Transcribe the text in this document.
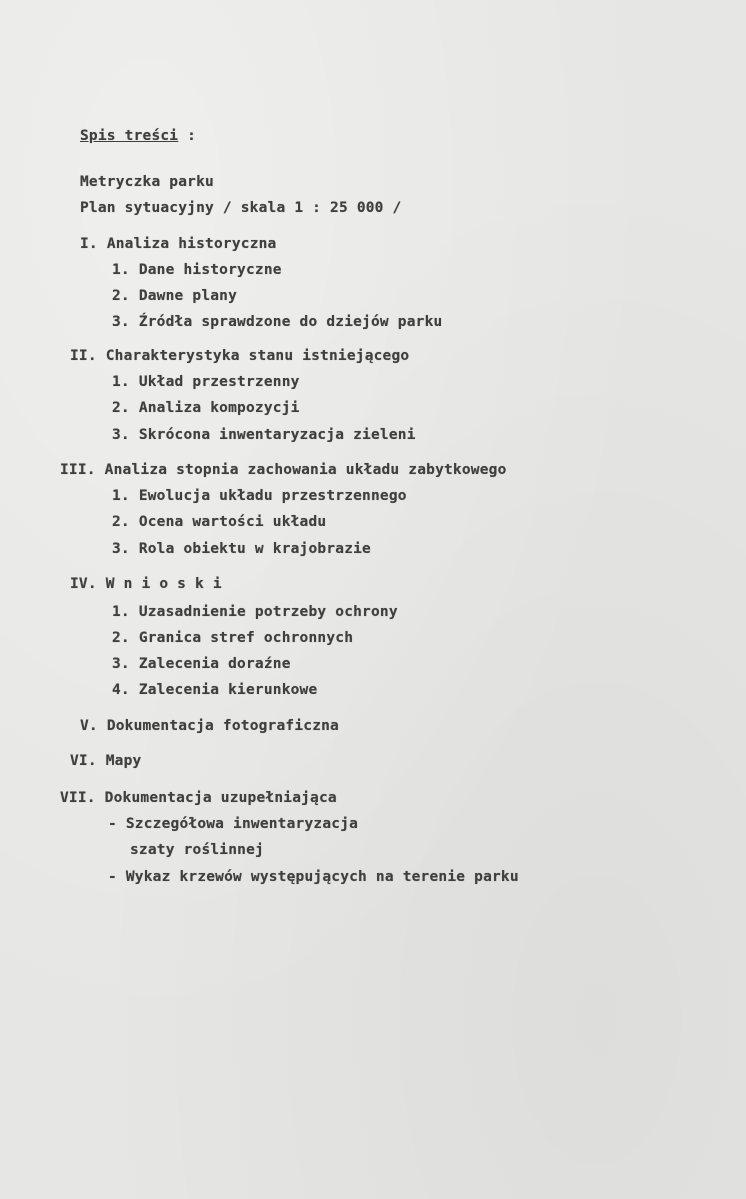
Spis treści :
Metryczka parku
Plan sytuacyjny / skala 1 : 25 000 /
I. Analiza historyczna
1. Dane historyczne
2. Dawne plany
3. Źródła sprawdzone do dziejów parku
II. Charakterystyka stanu istniejącego
1. Układ przestrzenny
2. Analiza kompozycji
3. Skrócona inwentaryzacja zieleni
III. Analiza stopnia zachowania układu zabytkowego
1. Ewolucja układu przestrzennego
2. Ocena wartości układu
3. Rola obiektu w krajobrazie
IV. W n i o s k i
1. Uzasadnienie potrzeby ochrony
2. Granica stref ochronnych
3. Zalecenia doraźne
4. Zalecenia kierunkowe
V. Dokumentacja fotograficzna
VI. Mapy
VII. Dokumentacja uzupełniająca
- Szczegółowa inwentaryzacja
szaty roślinnej
- Wykaz krzewów występujących na terenie parku
